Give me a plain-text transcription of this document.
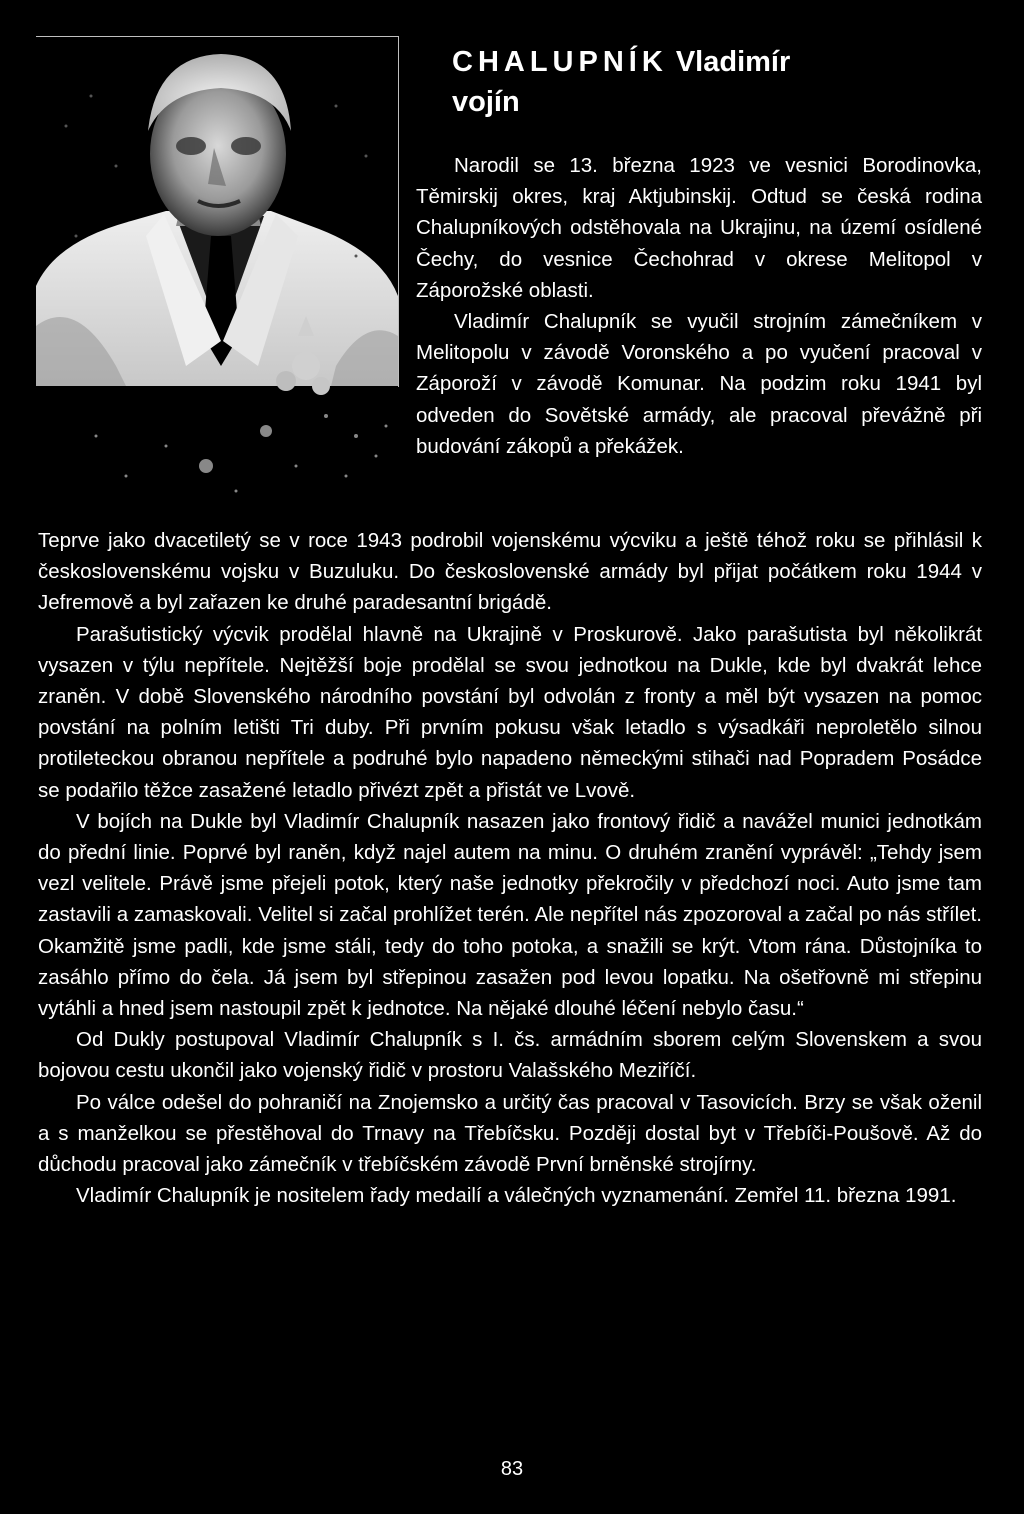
CHALUPNÍK Vladimír
vojín

Narodil se 13. března 1923 ve vesnici Borodinovka, Těmirskij okres, kraj Aktjubinskij. Odtud se česká rodina Chalupníkových odstěhovala na Ukrajinu, na území osídlené Čechy, do vesnice Čechohrad v okrese Melitopol v Záporožské oblasti.

Vladimír Chalupník se vyučil strojním zámečníkem v Melitopolu v závodě Voronského a po vyučení pracoval v Záporoží v závodě Komunar. Na podzim roku 1941 byl odveden do Sovětské armády, ale pracoval převážně při budování zákopů a překážek.

Teprve jako dvacetiletý se v roce 1943 podrobil vojenskému výcviku a ještě téhož roku se přihlásil k československému vojsku v Buzuluku. Do československé armády byl přijat počátkem roku 1944 v Jefremově a byl zařazen ke druhé paradesantní brigádě.

Parašutistický výcvik prodělal hlavně na Ukrajině v Proskurově. Jako parašutista byl několikrát vysazen v týlu nepřítele. Nejtěžší boje prodělal se svou jednotkou na Dukle, kde byl dvakrát lehce zraněn. V době Slovenského národního povstání byl odvolán z fronty a měl být vysazen na pomoc povstání na polním letišti Tri duby. Při prvním pokusu však letadlo s výsadkáři neproletělo silnou protileteckou obranou nepřítele a podruhé bylo napadeno německými stihači nad Popradem Posádce se podařilo těžce zasažené letadlo přivézt zpět a přistát ve Lvově.

V bojích na Dukle byl Vladimír Chalupník nasazen jako frontový řidič a navážel munici jednotkám do přední linie. Poprvé byl raněn, když najel autem na minu. O druhém zranění vyprávěl: „Tehdy jsem vezl velitele. Právě jsme přejeli potok, který naše jednotky překročily v předchozí noci. Auto jsme tam zastavili a zamaskovali. Velitel si začal prohlížet terén. Ale nepřítel nás zpozoroval a začal po nás střílet. Okamžitě jsme padli, kde jsme stáli, tedy do toho potoka, a snažili se krýt. Vtom rána. Důstojníka to zasáhlo přímo do čela. Já jsem byl střepinou zasažen pod levou lopatku. Na ošetřovně mi střepinu vytáhli a hned jsem nastoupil zpět k jednotce. Na nějaké dlouhé léčení nebylo času.“

Od Dukly postupoval Vladimír Chalupník s I. čs. armádním sborem celým Slovenskem a svou bojovou cestu ukončil jako vojenský řidič v prostoru Valašského Meziříčí.

Po válce odešel do pohraničí na Znojemsko a určitý čas pracoval v Tasovicích. Brzy se však oženil a s manželkou se přestěhoval do Trnavy na Třebíčsku. Později dostal byt v Třebíči-Poušově. Až do důchodu pracoval jako zámečník v třebíčském závodě První brněnské strojírny.

Vladimír Chalupník je nositelem řady medailí a válečných vyznamenání. Zemřel 11. března 1991.

83
